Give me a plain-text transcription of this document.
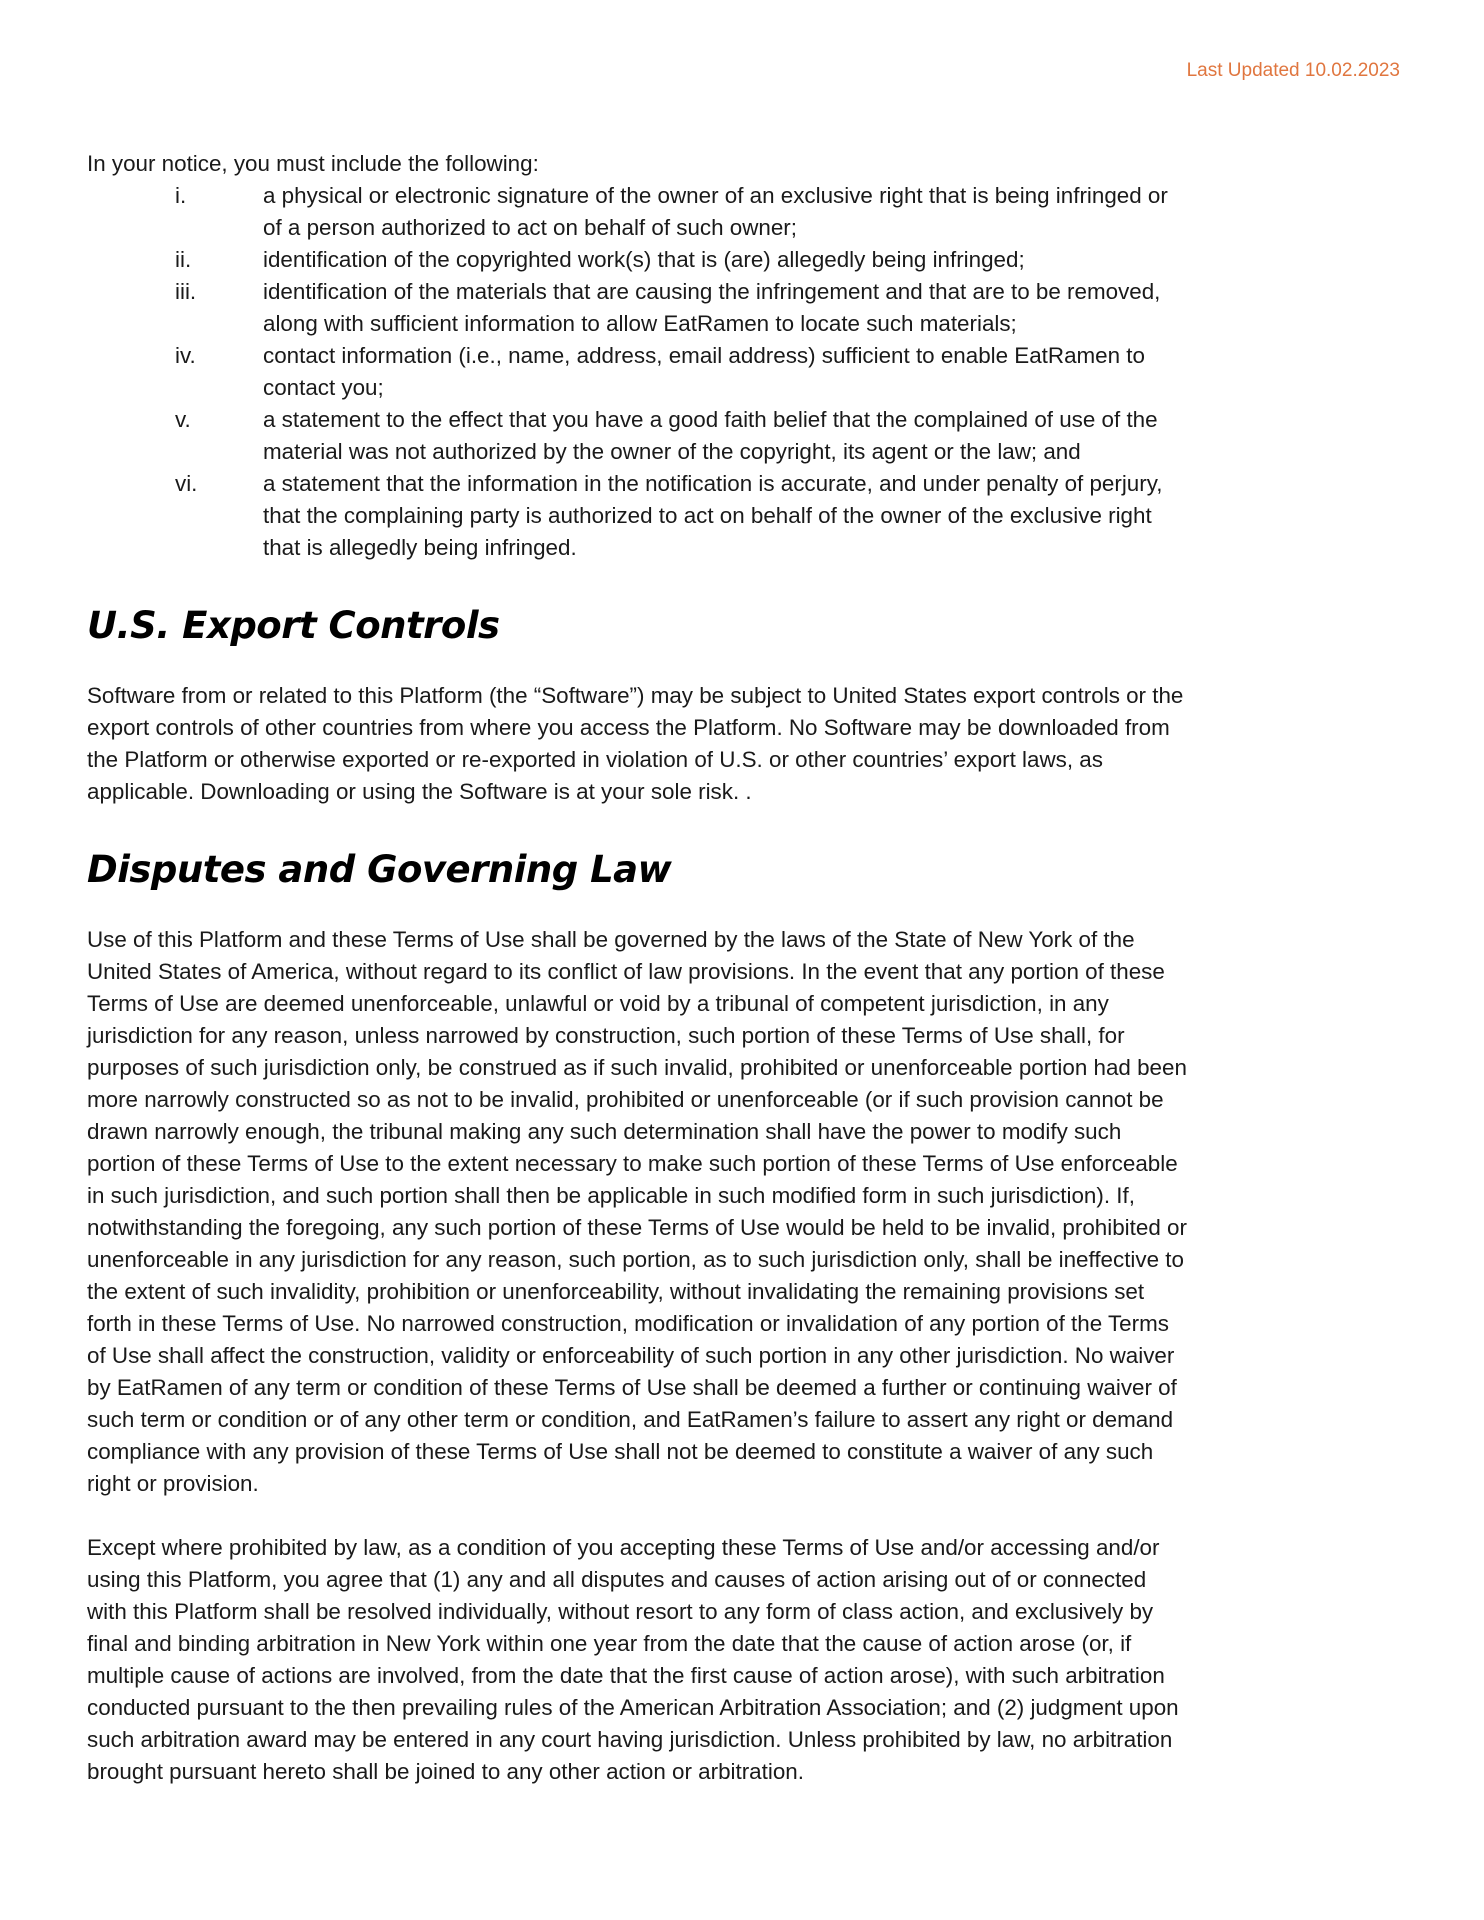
Last Updated 10.02.2023

In your notice, you must include the following:

i.	a physical or electronic signature of the owner of an exclusive right that is being infringed or of a person authorized to act on behalf of such owner;
ii.	identification of the copyrighted work(s) that is (are) allegedly being infringed;
iii.	identification of the materials that are causing the infringement and that are to be removed, along with sufficient information to allow EatRamen to locate such materials;
iv.	contact information (i.e., name, address, email address) sufficient to enable EatRamen to contact you;
v.	a statement to the effect that you have a good faith belief that the complained of use of the material was not authorized by the owner of the copyright, its agent or the law; and
vi.	a statement that the information in the notification is accurate, and under penalty of perjury, that the complaining party is authorized to act on behalf of the owner of the exclusive right that is allegedly being infringed.
U.S. Export Controls

Software from or related to this Platform (the “Software”) may be subject to United States export controls or the export controls of other countries from where you access the Platform. No Software may be downloaded from the Platform or otherwise exported or re-exported in violation of U.S. or other countries’ export laws, as applicable. Downloading or using the Software is at your sole risk. .

Disputes and Governing Law

Use of this Platform and these Terms of Use shall be governed by the laws of the State of New York of the United States of America, without regard to its conflict of law provisions. In the event that any portion of these Terms of Use are deemed unenforceable, unlawful or void by a tribunal of competent jurisdiction, in any jurisdiction for any reason, unless narrowed by construction, such portion of these Terms of Use shall, for purposes of such jurisdiction only, be construed as if such invalid, prohibited or unenforceable portion had been more narrowly constructed so as not to be invalid, prohibited or unenforceable (or if such provision cannot be drawn narrowly enough, the tribunal making any such determination shall have the power to modify such portion of these Terms of Use to the extent necessary to make such portion of these Terms of Use enforceable in such jurisdiction, and such portion shall then be applicable in such modified form in such jurisdiction). If, notwithstanding the foregoing, any such portion of these Terms of Use would be held to be invalid, prohibited or unenforceable in any jurisdiction for any reason, such portion, as to such jurisdiction only, shall be ineffective to the extent of such invalidity, prohibition or unenforceability, without invalidating the remaining provisions set forth in these Terms of Use. No narrowed construction, modification or invalidation of any portion of the Terms of Use shall affect the construction, validity or enforceability of such portion in any other jurisdiction. No waiver by EatRamen of any term or condition of these Terms of Use shall be deemed a further or continuing waiver of such term or condition or of any other term or condition, and EatRamen’s failure to assert any right or demand compliance with any provision of these Terms of Use shall not be deemed to constitute a waiver of any such right or provision.

Except where prohibited by law, as a condition of you accepting these Terms of Use and/or accessing and/or using this Platform, you agree that (1) any and all disputes and causes of action arising out of or connected with this Platform shall be resolved individually, without resort to any form of class action, and exclusively by final and binding arbitration in New York within one year from the date that the cause of action arose (or, if multiple cause of actions are involved, from the date that the first cause of action arose), with such arbitration conducted pursuant to the then prevailing rules of the American Arbitration Association; and (2) judgment upon such arbitration award may be entered in any court having jurisdiction. Unless prohibited by law, no arbitration brought pursuant hereto shall be joined to any other action or arbitration.
